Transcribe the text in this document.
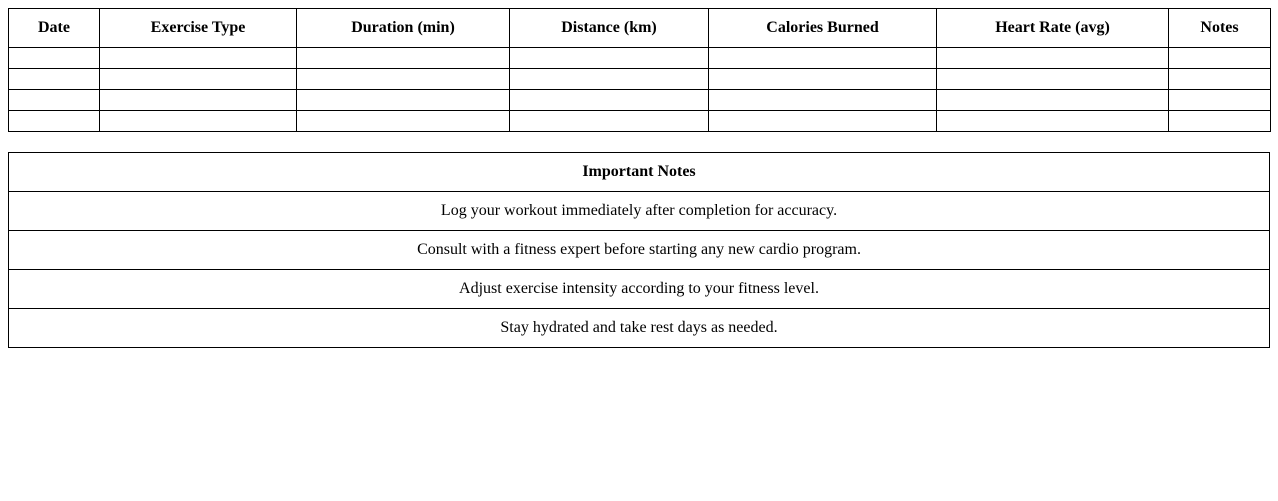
Date	Exercise Type	Duration (min)	Distance (km)	Calories Burned	Heart Rate (avg)	Notes

Important Notes
Log your workout immediately after completion for accuracy.
Consult with a fitness expert before starting any new cardio program.
Adjust exercise intensity according to your fitness level.
Stay hydrated and take rest days as needed.
